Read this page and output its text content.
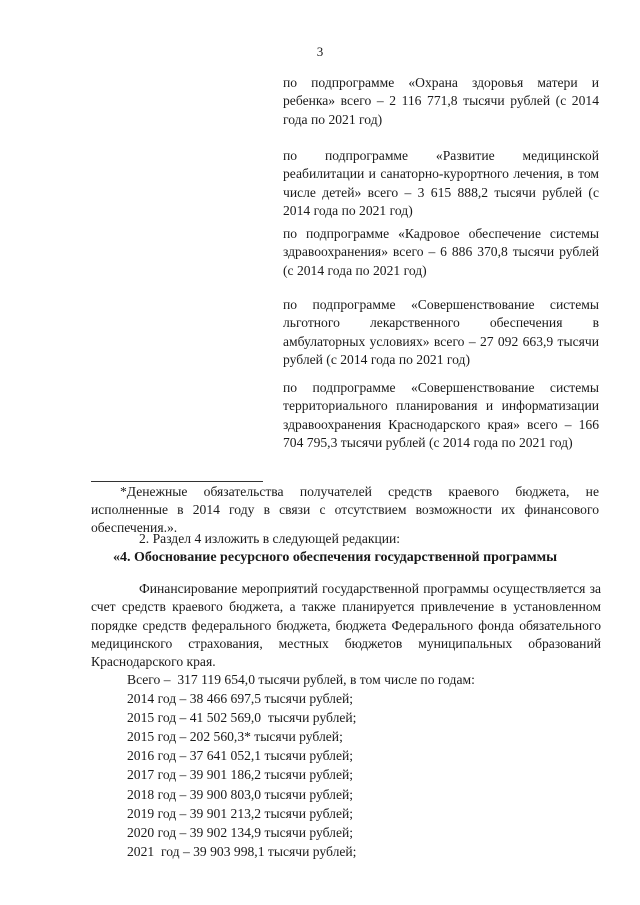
3

по подпрограмме «Охрана здоровья матери и ребенка» всего – 2 116 771,8 тысячи рублей (с 2014 года по 2021 год)

по подпрограмме «Развитие медицинской реабилитации и санаторно-курортного лечения, в том числе детей» всего – 3 615 888,2 тысячи рублей (с 2014 года по 2021 год)

по подпрограмме «Кадровое обеспечение системы здравоохранения» всего – 6 886 370,8 тысячи рублей (с 2014 года по 2021 год)

по подпрограмме «Совершенствование системы льготного лекарственного обеспечения в амбулаторных условиях» всего – 27 092 663,9 тысячи рублей (с 2014 года по 2021 год)

по подпрограмме «Совершенствование системы территориального планирования и информатизации здравоохранения Краснодарского края» всего – 166 704 795,3 тысячи рублей (с 2014 года по 2021 год)

*Денежные обязательства получателей средств краевого бюджета, не исполненные в 2014 году в связи с отсутствием возможности их финансового обеспечения.».

2. Раздел 4 изложить в следующей редакции:
«4. Обоснование ресурсного обеспечения государственной программы

Финансирование мероприятий государственной программы осуществляется за счет средств краевого бюджета, а также планируется привлечение в установленном порядке средств федерального бюджета, бюджета Федерального фонда обязательного медицинского страхования, местных бюджетов муниципальных образований Краснодарского края.

Всего –  317 119 654,0 тысячи рублей, в том числе по годам:
2014 год – 38 466 697,5 тысячи рублей;
2015 год – 41 502 569,0  тысячи рублей;
2015 год – 202 560,3* тысячи рублей;
2016 год – 37 641 052,1 тысячи рублей;
2017 год – 39 901 186,2 тысячи рублей;
2018 год – 39 900 803,0 тысячи рублей;
2019 год – 39 901 213,2 тысячи рублей;
2020 год – 39 902 134,9 тысячи рублей;
2021  год – 39 903 998,1 тысячи рублей;
